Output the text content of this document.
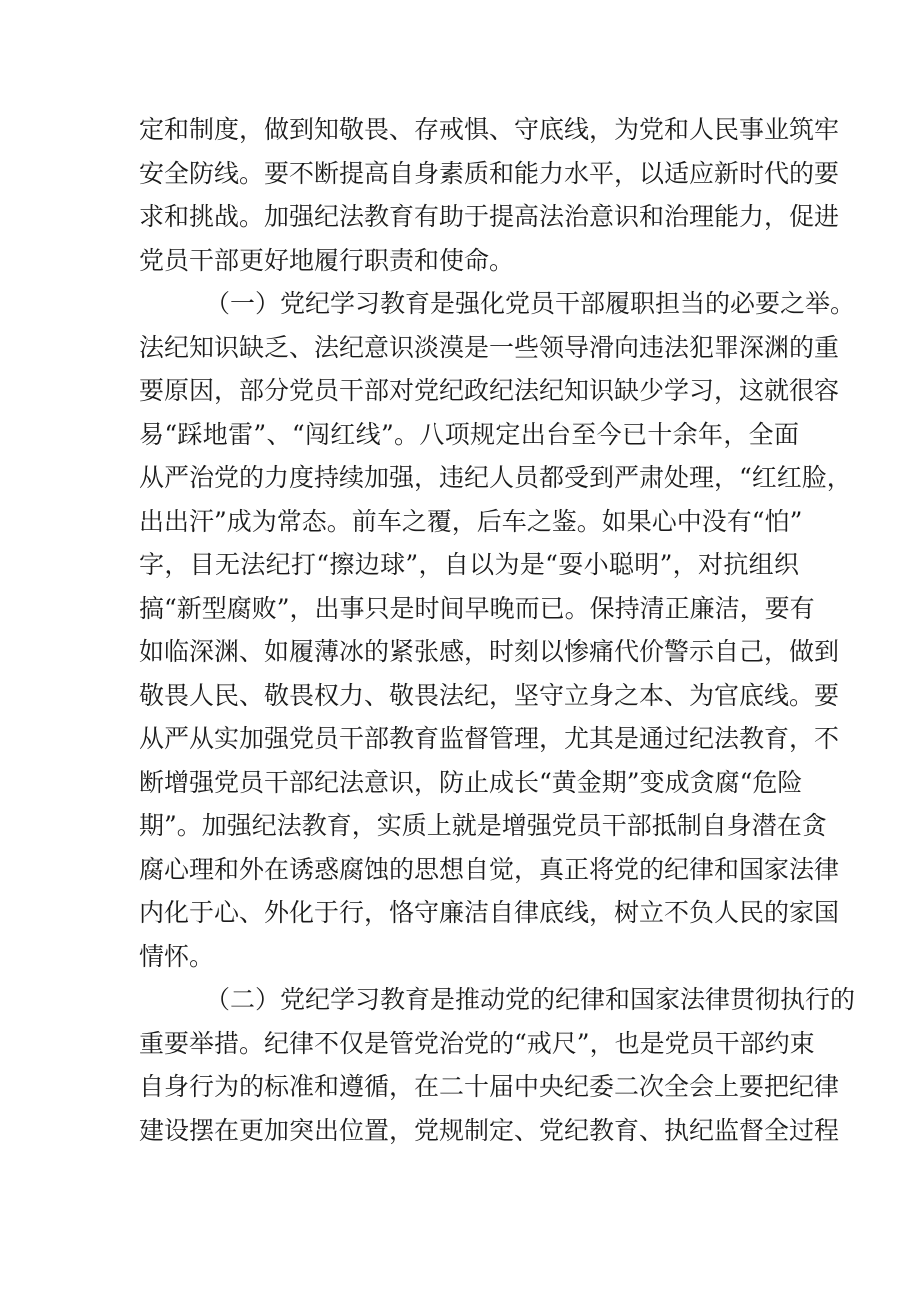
定和制度，做到知敬畏、存戒惧、守底线，为党和人民事业筑牢
安全防线。要不断提高自身素质和能力水平，以适应新时代的要
求和挑战。加强纪法教育有助于提高法治意识和治理能力，促进
党员干部更好地履行职责和使命。
（一）党纪学习教育是强化党员干部履职担当的必要之举。
法纪知识缺乏、法纪意识淡漠是一些领导滑向违法犯罪深渊的重
要原因，部分党员干部对党纪政纪法纪知识缺少学习，这就很容
易“踩地雷”、“闯红线”。八项规定出台至今已十余年，全面
从严治党的力度持续加强，违纪人员都受到严肃处理，“红红脸，
出出汗”成为常态。前车之覆，后车之鉴。如果心中没有“怕”
字，目无法纪打“擦边球”，自以为是“耍小聪明”，对抗组织
搞“新型腐败”，出事只是时间早晚而已。保持清正廉洁，要有
如临深渊、如履薄冰的紧张感，时刻以惨痛代价警示自己，做到
敬畏人民、敬畏权力、敬畏法纪，坚守立身之本、为官底线。要
从严从实加强党员干部教育监督管理，尤其是通过纪法教育，不
断增强党员干部纪法意识，防止成长“黄金期”变成贪腐“危险
期”。加强纪法教育，实质上就是增强党员干部抵制自身潜在贪
腐心理和外在诱惑腐蚀的思想自觉，真正将党的纪律和国家法律
内化于心、外化于行，恪守廉洁自律底线，树立不负人民的家国
情怀。
（二）党纪学习教育是推动党的纪律和国家法律贯彻执行的
重要举措。纪律不仅是管党治党的“戒尺”，也是党员干部约束
自身行为的标准和遵循，在二十届中央纪委二次全会上要把纪律
建设摆在更加突出位置，党规制定、党纪教育、执纪监督全过程
